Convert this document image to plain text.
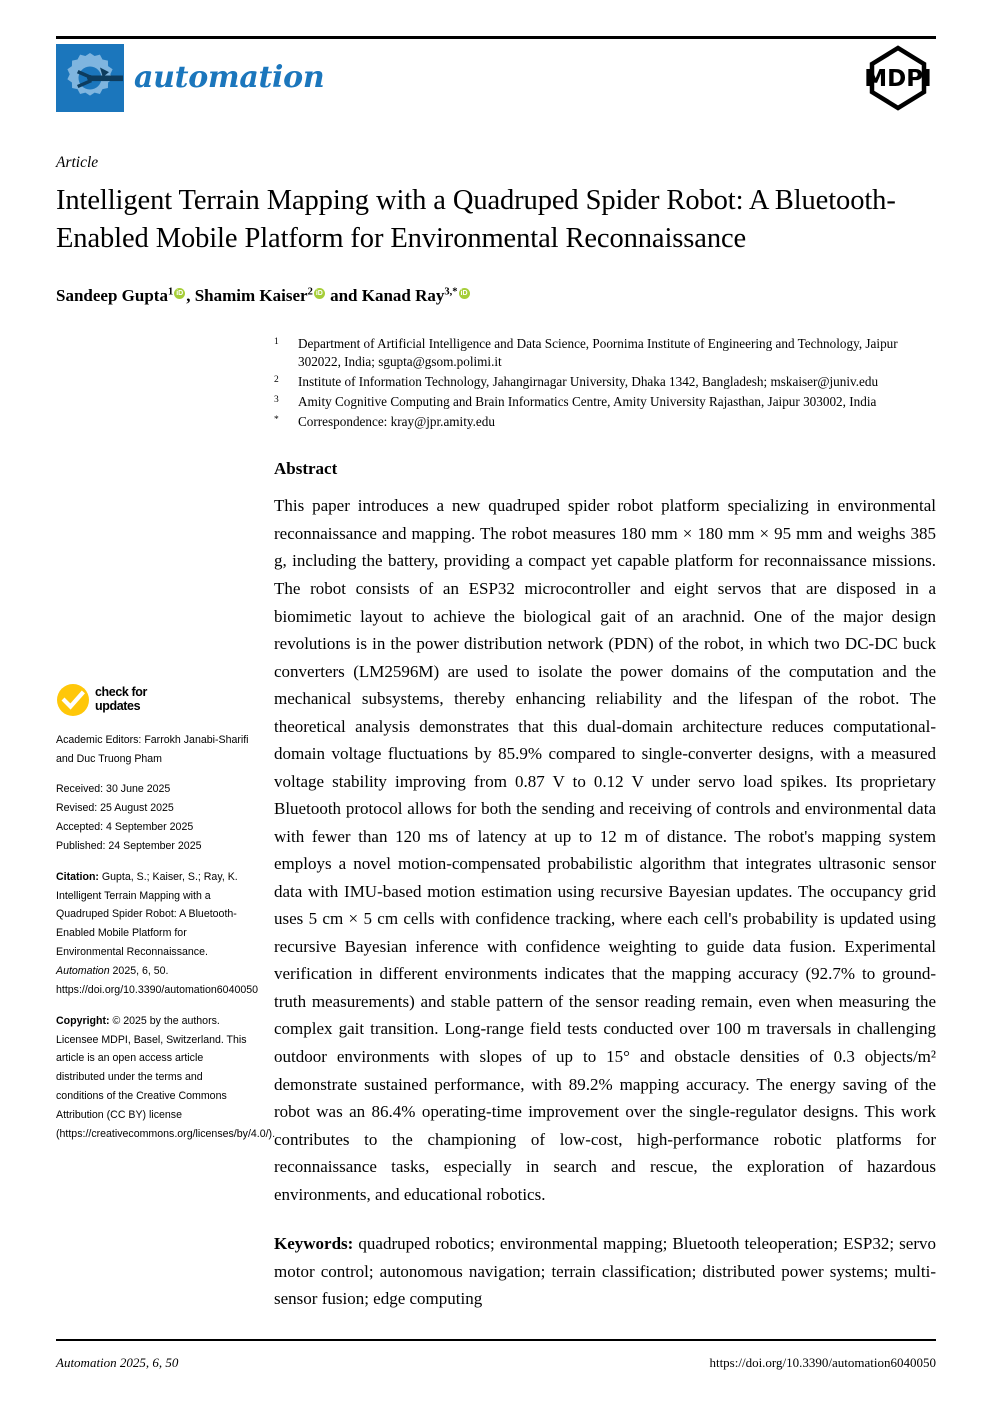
automation	MDPI
Article
Intelligent Terrain Mapping with a Quadruped Spider Robot: A Bluetooth-Enabled Mobile Platform for Environmental Reconnaissance
Sandeep Gupta$^1$ iD , Shamim Kaiser$^2$ iD and Kanad Ray$^{3,*}$iD
check for
updates
Academic Editors: Farrokh Janabi-Sharifi and Duc Truong Pham
Received: 30 June 2025
Revised: 25 August 2025
Accepted: 4 September 2025
Published: 24 September 2025
Citation: Gupta, S.; Kaiser, S.; Ray, K. Intelligent Terrain Mapping with a Quadruped Spider Robot: A Bluetooth-Enabled Mobile Platform for Environmental Reconnaissance. Automation 2025, 6, 50. https://doi.org/10.3390/automation6040050
Copyright: © 2025 by the authors. Licensee MDPI, Basel, Switzerland. This article is an open access article distributed under the terms and conditions of the Creative Commons Attribution (CC BY) license (https://creativecommons.org/licenses/by/4.0/).
1	Department of Artificial Intelligence and Data Science, Poornima Institute of Engineering and Technology, Jaipur 302022, India; sgupta@gsom.polimi.it
2	Institute of Information Technology, Jahangirnagar University, Dhaka 1342, Bangladesh; mskaiser@juniv.edu
3	Amity Cognitive Computing and Brain Informatics Centre, Amity University Rajasthan, Jaipur 303002, India
*	Correspondence: kray@jpr.amity.edu
Abstract

This paper introduces a new quadruped spider robot platform specializing in environmental reconnaissance and mapping. The robot measures 180 mm × 180 mm × 95 mm and weighs 385 g, including the battery, providing a compact yet capable platform for reconnaissance missions. The robot consists of an ESP32 microcontroller and eight servos that are disposed in a biomimetic layout to achieve the biological gait of an arachnid. One of the major design revolutions is in the power distribution network (PDN) of the robot, in which two DC-DC buck converters (LM2596M) are used to isolate the power domains of the computation and the mechanical subsystems, thereby enhancing reliability and the lifespan of the robot. The theoretical analysis demonstrates that this dual-domain architecture reduces computational-domain voltage fluctuations by 85.9% compared to single-converter designs, with a measured voltage stability improving from 0.87 V to 0.12 V under servo load spikes. Its proprietary Bluetooth protocol allows for both the sending and receiving of controls and environmental data with fewer than 120 ms of latency at up to 12 m of distance. The robot's mapping system employs a novel motion-compensated probabilistic algorithm that integrates ultrasonic sensor data with IMU-based motion estimation using recursive Bayesian updates. The occupancy grid uses 5 cm × 5 cm cells with confidence tracking, where each cell's probability is updated using recursive Bayesian inference with confidence weighting to guide data fusion. Experimental verification in different environments indicates that the mapping accuracy (92.7% to ground-truth measurements) and stable pattern of the sensor reading remain, even when measuring the complex gait transition. Long-range field tests conducted over 100 m traversals in challenging outdoor environments with slopes of up to 15° and obstacle densities of 0.3 objects/m² demonstrate sustained performance, with 89.2% mapping accuracy. The energy saving of the robot was an 86.4% operating-time improvement over the single-regulator designs. This work contributes to the championing of low-cost, high-performance robotic platforms for reconnaissance tasks, especially in search and rescue, the exploration of hazardous environments, and educational robotics.

Keywords: quadruped robotics; environmental mapping; Bluetooth teleoperation; ESP32; servo motor control; autonomous navigation; terrain classification; distributed power systems; multi-sensor fusion; edge computing
Automation 2025, 6, 50	https://doi.org/10.3390/automation6040050
